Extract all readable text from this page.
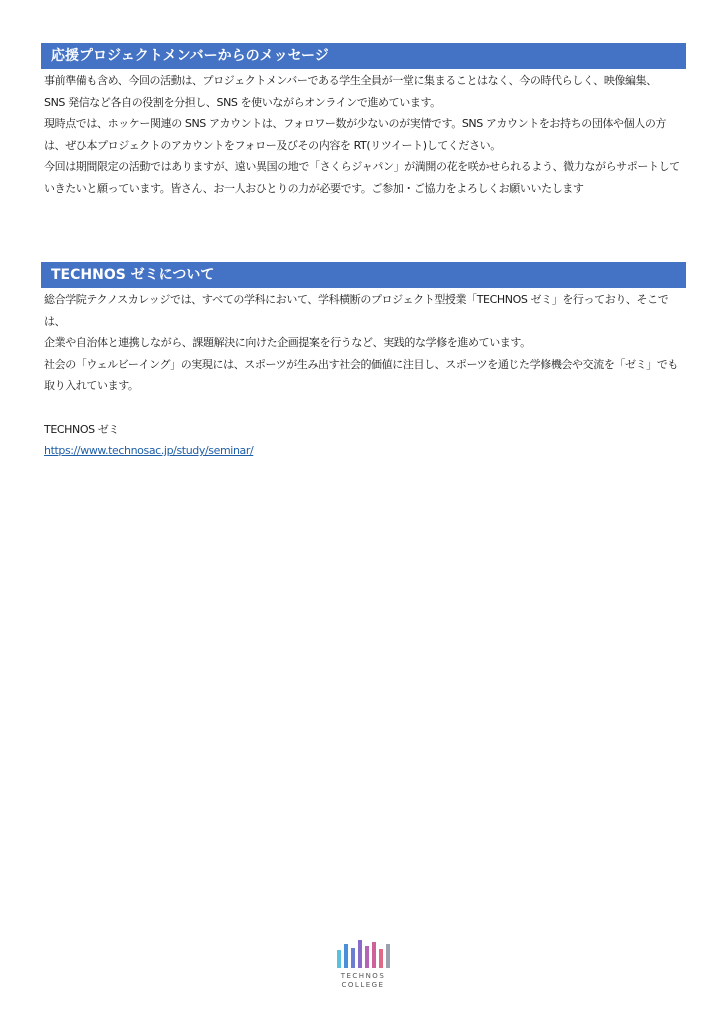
応援プロジェクトメンバーからのメッセージ

事前準備も含め、今回の活動は、プロジェクトメンバーである学生全員が一堂に集まることはなく、今の時代らしく、映像編集、

SNS 発信など各自の役割を分担し、SNS を使いながらオンラインで進めています。

現時点では、ホッケー関連の SNS アカウントは、フォロワー数が少ないのが実情です。SNS アカウントをお持ちの団体や個人の方

は、ぜひ本プロジェクトのアカウントをフォロー及びその内容を RT(リツイート)してください。

今回は期間限定の活動ではありますが、遠い異国の地で「さくらジャパン」が満開の花を咲かせられるよう、微力ながらサポートして

いきたいと願っています。皆さん、お一人おひとりの力が必要です。ご参加・ご協力をよろしくお願いいたします

TECHNOS ゼミについて

総合学院テクノスカレッジでは、すべての学科において、学科横断のプロジェクト型授業「TECHNOS ゼミ」を行っており、そこでは、

企業や自治体と連携しながら、課題解決に向けた企画提案を行うなど、実践的な学修を進めています。

社会の「ウェルビーイング」の実現には、スポーツが生み出す社会的価値に注目し、スポーツを通じた学修機会や交流を「ゼミ」でも

取り入れています。

TECHNOS ゼミ

https://www.technosac.jp/study/seminar/

TECHNOS
COLLEGE
